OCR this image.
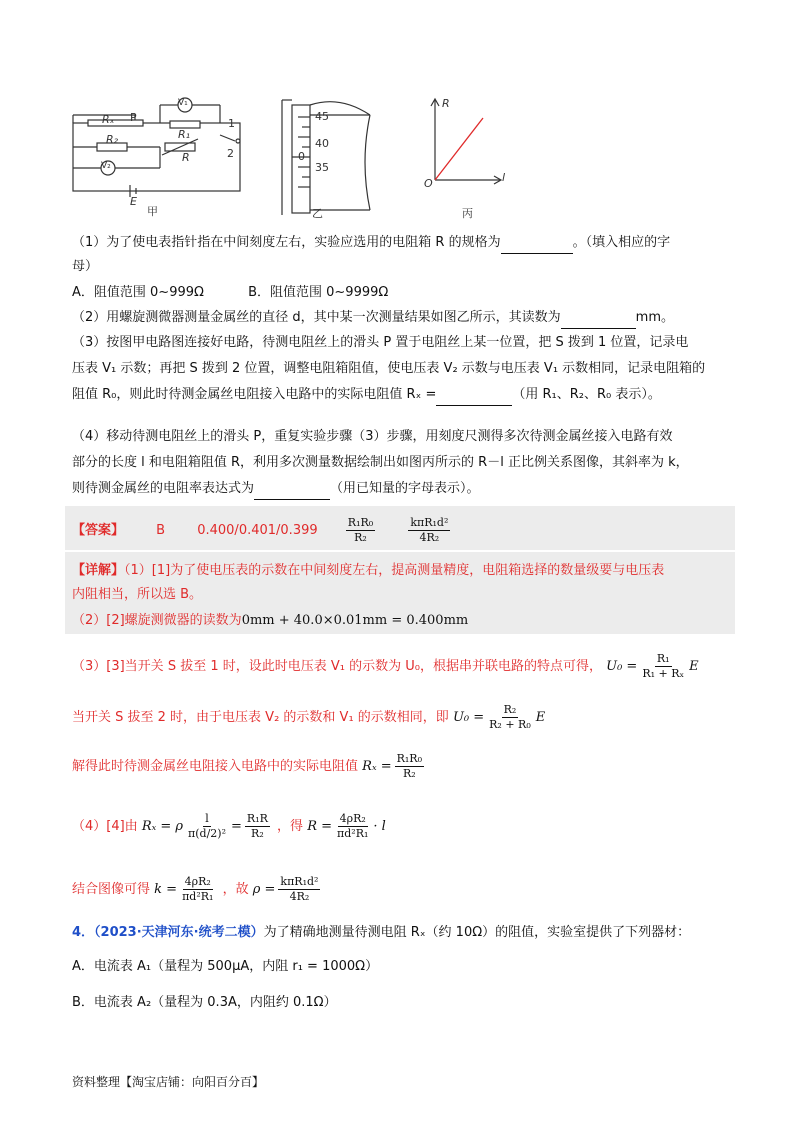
Rₓ P
V₁
R₁
R₂
R
V₂
E
1
2
甲
45
40
35
0
乙
R
l
O
丙
（1）为了使电表指针指在中间刻度左右，实验应选用的电阻箱 R 的规格为	。（填入相应的字
母）
A．阻值范围 0~999Ω	B．阻值范围 0~9999Ω
（2）用螺旋测微器测量金属丝的直径 d，其中某一次测量结果如图乙所示，其读数为	mm。
（3）按图甲电路图连接好电路，待测电阻丝上的滑头 P 置于电阻丝上某一位置，把 S 拨到 1 位置，记录电
压表 V₁ 示数；再把 S 拨到 2 位置，调整电阻箱阻值，使电压表 V₂ 示数与电压表 V₁ 示数相同，记录电阻箱的
阻值 R₀，则此时待测金属丝电阻接入电路中的实际电阻值 Rₓ =	（用 R₁、R₂、R₀ 表示）。
（4）移动待测电阻丝上的滑头 P，重复实验步骤（3）步骤，用刻度尺测得多次待测金属丝接入电路有效
部分的长度 l 和电阻箱阻值 R，利用多次测量数据绘制出如图丙所示的 R－l 正比例关系图像，其斜率为 k，
则待测金属丝的电阻率表达式为	（用已知量的字母表示）。
【答案】 B 0.400/0.401/0.399	$\frac{\text{R₁R₀}}{\text{R₂}}$
	$\frac{\text{kπR₁d²}}{\text{4R₂}}$
【详解】（1）[1]为了使电压表的示数在中间刻度左右，提高测量精度，电阻箱选择的数量级要与电压表
内阻相当，所以选 B。
（2）[2]螺旋测微器的读数为0mm + 40.0×0.01mm = 0.400mm
（3）[3]当开关 S 拔至 1 时，设此时电压表 V₁ 的示数为 U₀，根据串并联电路的特点可得， $U_0 = \frac{\text{R₁}}{\text{R₁ + Rₓ}}$ E
当开关 S 拔至 2 时，由于电压表 V₂ 的示数和 V₁ 的示数相同，即 $U_0 = \frac{\text{R₂}}{\text{R₂ + R₀}}$ E
解得此时待测金属丝电阻接入电路中的实际电阻值 $R_x = \frac{\text{R₁R₀}}{\text{R₂}}$
（4）[4]由 Rₓ = ρ $\frac{l}{\text{π(d/2)²}} = \frac{\text{R₁R}}{\text{R₂}}$ ，得 $R = \frac{\text{4ρR₂}}{\text{πd²R₁}} \cdot l$
结合图像可得 $k = \frac{\text{4ρR₂}}{\text{πd²R₁}}$ ，故 $\rho = \frac{\text{kπR₁d²}}{\text{4R₂}}$
4．（2023·天津河东·统考二模）为了精确地测量待测电阻 Rₓ（约 10Ω）的阻值，实验室提供了下列器材：
A．电流表 A₁（量程为 500μA，内阻 r₁ = 1000Ω）
B．电流表 A₂（量程为 0.3A，内阻约 0.1Ω）
资料整理【淘宝店铺：向阳百分百】
